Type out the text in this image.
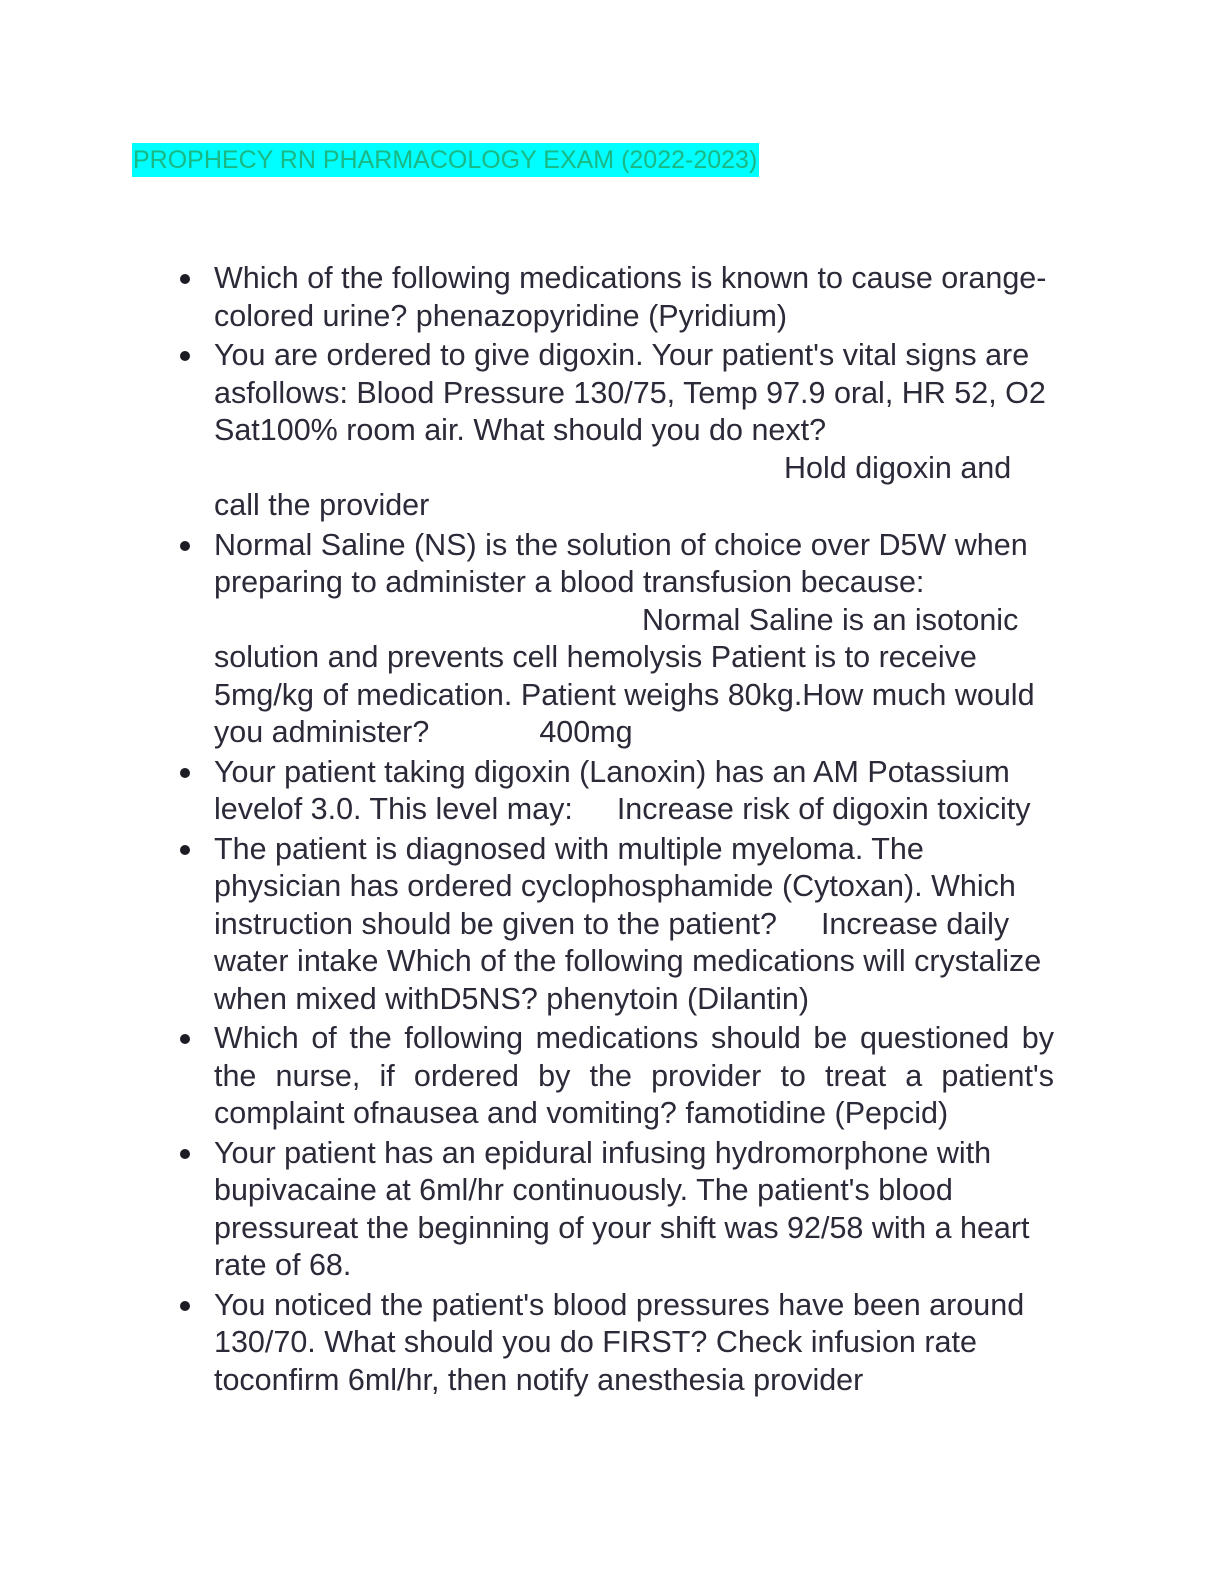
PROPHECY RN PHARMACOLOGY EXAM (2022-2023)
Which of the following medications is known to cause orange-colored urine? phenazopyridine (Pyridium)
You are ordered to give digoxin. Your patient's vital signs are asfollows: Blood Pressure 130/75, Temp 97.9 oral, HR 52, O2 Sat100% room air. What should you do next?
Hold digoxin and
call the provider
Normal Saline (NS) is the solution of choice over D5W when preparing to administer a blood transfusion because:
Normal Saline is an isotonic
solution and prevents cell hemolysis Patient is to receive 5mg/kg of medication. Patient weighs 80kg.How much would you administer?	400mg
Your patient taking digoxin (Lanoxin) has an AM Potassium levelof 3.0. This level may: Increase risk of digoxin toxicity
The patient is diagnosed with multiple myeloma. The physician has ordered cyclophosphamide (Cytoxan). Which instruction should be given to the patient? Increase daily water intake Which of the following medications will crystalize when mixed withD5NS? phenytoin (Dilantin)
Which of the following medications should be questioned by the nurse, if ordered by the provider to treat a patient's complaint ofnausea and vomiting? famotidine (Pepcid)
Your patient has an epidural infusing hydromorphone with bupivacaine at 6ml/hr continuously. The patient's blood pressureat the beginning of your shift was 92/58 with a heart rate of 68.
You noticed the patient's blood pressures have been around 130/70. What should you do FIRST? Check infusion rate toconfirm 6ml/hr, then notify anesthesia provider
